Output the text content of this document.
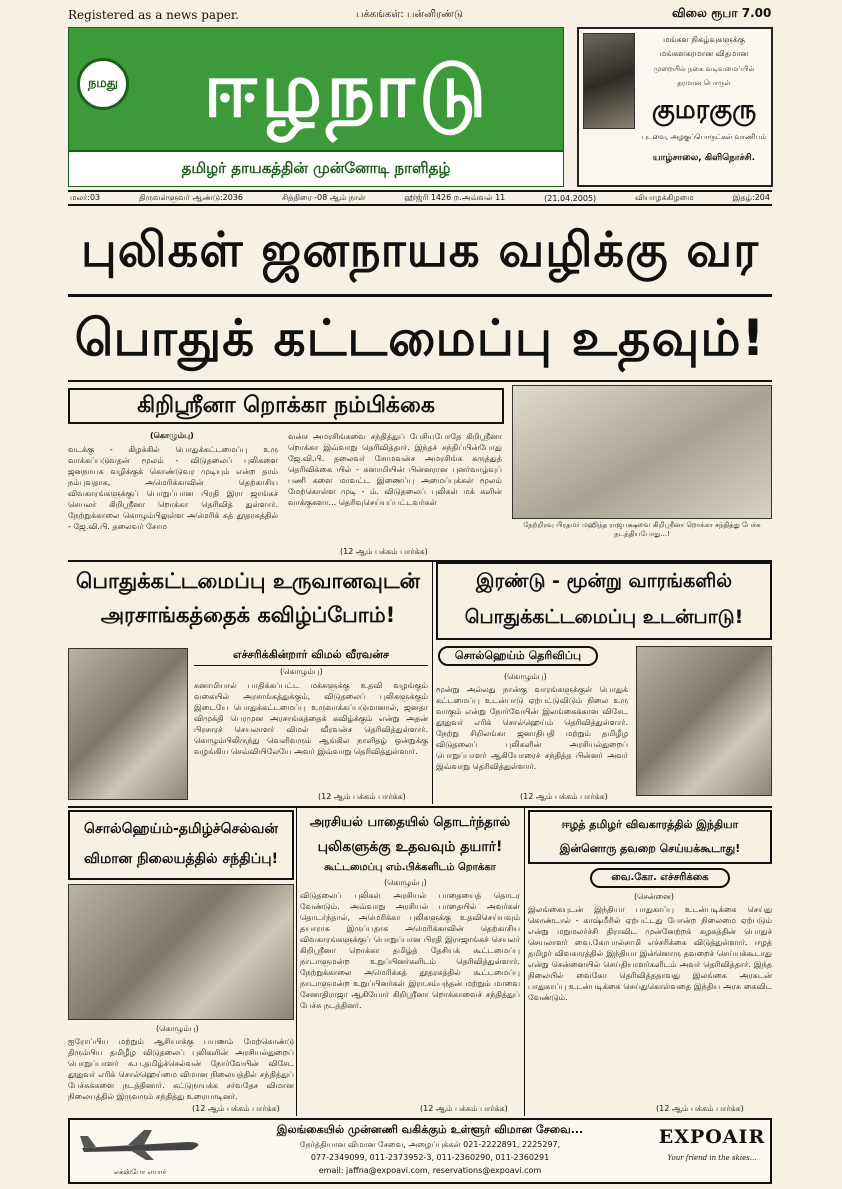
Registered as a news paper.	பக்கங்கள்: பன்னிரண்டு	விலை ரூபா 7.00
நமது	ஈழநாடு
தமிழர் தாயகத்தின் முன்னோடி நாளிதழ்
மங்கள நிகழ்வுகளுக்கு
மங்களகரமான விதமான
முறையில் நகை வடிவமைப்பில்
தரமான பொருள்
குமரகுரு
புடவை, அழகுப்பொருட்கள் வாணிபம்
யாழ்சாலை, கிளிநொச்சி.
மலர்:03	திருவள்ளுவர் ஆண்டு:2036	சித்திரை -08 ஆம் நாள்	ஹிஜ்ரி 1426 ற.அவ்வல் 11	(21.04.2005)	வியாழக்கிழமை	இதழ்:204
புலிகள் ஜனநாயக வழிக்கு வர
பொதுக் கட்டமைப்பு உதவும்!
கிறிஸ்ரீனா றொக்கா நம்பிக்கை
(கொழும்பு)
வடக்கு - கிழக்கில் பொதுக்கட்டமைப்பு உரு வாக்கப்படுவதன் மூலம் - விடுதலைப் புலிகளை ஜனநாயக வழிக்குக் கொண்டுவர முடியும் என்ற தாம் நம்புவதாக, அமெரிக்காவின் தெற்காசிய விவகாரங்களுக்குப் பொறுப்பான பிரதி இரா ஜாங்கச் செயலர் கிறிஸ்ரீனா றொக்கா தெரிவித் துள்ளார். நேற்றுக்காலை கொழும்பிலுள்ள அமெரிக் கத் தூதரகத்தில் - ஜே.வி.பி. தலைவர் சோம
வன்ச அமரசிங்கவை சந்தித்துப் பேசியபோதே கிறிஸ்ரீனா றொக்கா இவ்வாறு தெரிவித்தார். இந்தச் சந்திப்பின்போது ஜே.வி.பி. தலைவர் சோமவன்ச அமரசிங்க கருத்துத் தெரிவிக்கை யில் - சுனாமியின் பின்னரான புனர்வாழ்வுப் பணி களை மாவட்ட இணைப்பு அமைப்புக்கள் மூலம் மேற்கொள்ள முடி - ம். விடுதலைப் புலிகள் மக் களின் வாக்குகளா... தெரிவுசெய்யப்பட்டவர்கள்
(12 ஆம் பக்கம் பார்க்க)
நேற்றிரவு பிரதமர் மஹிந்த ராஜபக்ஷவை கிறிஸ்ரீனா றொக்கா சந்தித்து பேச்சு நடத்தியபோது...!
பொதுக்கட்டமைப்பு உருவானவுடன்
அரசாங்கத்தைக் கவிழ்ப்போம்!
எச்சரிக்கின்றார் விமல் வீரவன்ச
(கொழும்பு)
சுனாமியால் பாதிக்கப்பட்ட மக்களுக்கு உதவி வழங்கும் வகையில் அரசாங்கத்துக்கும், விடுதலைப் புலிகளுக்கும் இடையே பொதுக்கட்டமைப்பு உருவாக்கப்படுமானால், ஜனதா விமுக்தி பெரமுன அரசாங்கத்தைக் கவிழ்க்கும் என்று அதன் பிரசாரச் செயலாளர் விமல் வீரவன்ச தெரிவித்துள்ளார். கொழும்பிலிருந்து வெளிவரும் ஆங்கில நாளிதழ் ஒன்றுக்கு வழங்கிய செவ்வியிலேயே அவர் இவ்வாறு தெரிவித்துள்ளார்.
(12 ஆம் பக்கம் பார்க்க)
இரண்டு - மூன்று வாரங்களில்
பொதுக்கட்டமைப்பு உடன்பாடு!
சொல்ஹெய்ம் தெரிவிப்பு
(கொழும்பு)
மூன்று அல்லது நான்கு வாரங்களுக்குள் பொதுக் கட்டமைப்பு உடன்பாடு ஏற்பட்டுவிடும் நிலை உரு வாகும் என்று நோர்வேயின் இலங்கைக்கான விசேட தூதுவர் எரிக் சொல்ஹெய்ம் தெரிவித்துள்ளார். நேற்று சிறிலங்கா ஜனாதிபதி மற்றும் தமிழீழ விடுதலைப் புலிகளின் அரசியல்துறைப் பொறுப்பாளர் ஆகியோரைச் சந்தித்த பின்னர் அவர் இவ்வாறு தெரிவித்துள்ளார்.
(12 ஆம் பக்கம் பார்க்க)
சொல்ஹெய்ம்-தமிழ்ச்செல்வன்
விமான நிலையத்தில் சந்திப்பு!
(கொழும்பு)
ஐரோப்பிய மற்றும் ஆசியாக்கு பயணம் மேற்கொண்டு திரும்பிய தமிழீழ விடுதலைப் புலிகளின் அரசியல்துறைப் பொறுப்பாளர் சு.ப.தமிழ்ச்செல்வன் நோர்வேயின் விசேட தூதுவர் எரிக் சொல்ஹெய்மை விமான நிலையத்தில் சந்தித்துப் பேச்சுக்களை நடத்தினார். கட்டுநாயக்க சர்வதேச விமான நிலையத்தில் இருவரும் சந்தித்து உரையாடினர்.
(12 ஆம் பக்கம் பார்க்க)
அரசியல் பாதையில் தொடர்ந்தால்
புலிகளுக்கு உதவவும் தயார்!
கூட்டமைப்பு எம்.பிக்களிடம் றொக்கா
(கொழும்பு)
விடுதலைப் புலிகள் அரசியல் பாதையைத் தொடர வேண்டும். அவ்வாறு அரசியல் பாதையில் அவர்கள் தொடர்ந்தால், அமெரிக்கா புலிகளுக்கு உதவிசெய்யவும் தயாராக இருப்பதாக அமெரிக்காவின் தெற்காசிய விவகாரங்களுக்குப் பொறுப்பான பிரதி இராஜாங்கச் செயலர் கிறிஸ்ரீனா றொக்கா தமிழ்த் தேசியக் கூட்டமைப்பு நாடாளுமன்ற உறுப்பினர்களிடம் தெரிவித்துள்ளார். நேற்றுக்காலை அமெரிக்கத் தூதரகத்தில் கூட்டமைப்பு நாடாளுமன்ற உறுப்பினர்கள் இரா.சம்பந்தன் மற்றும் மாவை சேனாதிராஜா ஆகியோர் கிறிஸ்ரீனா றொக்காவைச் சந்தித்துப் பேச்சு நடத்தினர்.
(12 ஆம் பக்கம் பார்க்க)
ஈழத் தமிழர் விவகாரத்தில் இந்தியா
இன்னொரு தவறை செய்யக்கூடாது!
வை.கோ. எச்சரிக்கை
(சென்னை)
இலங்கையுடன் இந்தியா பாதுகாப்பு உடன்படிக்கை செய்து கொண்டால் - காஷ்மீரில் ஏற்பட்டது போன்ற நிலைமை ஏற்படும் என்று மறுமலர்ச்சி திராவிட முன்னேற்றக் கழகத்தின் பொதுச் செயலாளர் வை.கோபால்சாமி எச்சரிக்கை விடுத்துள்ளார். ஈழத் தமிழர் விவகாரத்தில் இந்தியா இன்னொரு தவறைச் செய்யக்கூடாது என்று சென்னையில் செய்தியாளர்களிடம் அவர் தெரிவித்தார். இந்த நிலையில் வைகோ தெரிவித்ததாவது இலங்கை அரசுடன் பாதுகாப்பு உடன்படிக்கை செய்துகொள்வதை இந்திய அரசு கைவிட வேண்டும்.
(12 ஆம் பக்கம் பார்க்க)
எக்ஸ்போ எயார்
இலங்கையில் முன்னணி வகிக்கும் உள்ளூர் விமான சேவை...
நேர்த்தியான விமான சேவை, அழைப்புக்கள் 021-2222891, 2225297,
077-2349099, 011-2373952-3, 011-2360290, 011-2360291
email: jaffna@expoavi.com, reservations@expoavi.com
EXPOAIR
Your friend in the skies...
